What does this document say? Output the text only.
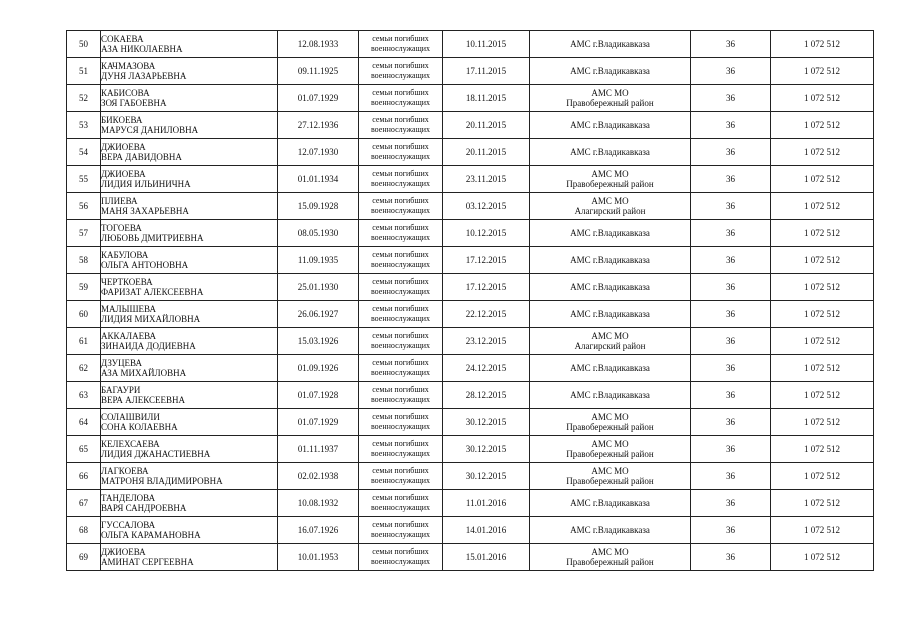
50	СОКАЕВА
АЗА НИКОЛАЕВНА	12.08.1933	семьи погибших
военнослужащих	10.11.2015	АМС г.Владикавказа	36	1 072 512
51	КАЧМАЗОВА
ДУНЯ ЛАЗАРЬЕВНА	09.11.1925	семьи погибших
военнослужащих	17.11.2015	АМС г.Владикавказа	36	1 072 512
52	КАБИСОВА
ЗОЯ ГАБОЕВНА	01.07.1929	семьи погибших
военнослужащих	18.11.2015	АМС МО
Правобережный район	36	1 072 512
53	БИКОЕВА
МАРУСЯ ДАНИЛОВНА	27.12.1936	семьи погибших
военнослужащих	20.11.2015	АМС г.Владикавказа	36	1 072 512
54	ДЖИОЕВА
ВЕРА ДАВИДОВНА	12.07.1930	семьи погибших
военнослужащих	20.11.2015	АМС г.Владикавказа	36	1 072 512
55	ДЖИОЕВА
ЛИДИЯ ИЛЬИНИЧНА	01.01.1934	семьи погибших
военнослужащих	23.11.2015	АМС МО
Правобережный район	36	1 072 512
56	ПЛИЕВА
МАНЯ ЗАХАРЬЕВНА	15.09.1928	семьи погибших
военнослужащих	03.12.2015	АМС МО
Алагирский район	36	1 072 512
57	ТОГОЕВА
ЛЮБОВЬ ДМИТРИЕВНА	08.05.1930	семьи погибших
военнослужащих	10.12.2015	АМС г.Владикавказа	36	1 072 512
58	КАБУЛОВА
ОЛЬГА АНТОНОВНА	11.09.1935	семьи погибших
военнослужащих	17.12.2015	АМС г.Владикавказа	36	1 072 512
59	ЧЕРТКОЕВА
ФАРИЗАТ АЛЕКСЕЕВНА	25.01.1930	семьи погибших
военнослужащих	17.12.2015	АМС г.Владикавказа	36	1 072 512
60	МАЛЫШЕВА
ЛИДИЯ МИХАЙЛОВНА	26.06.1927	семьи погибших
военнослужащих	22.12.2015	АМС г.Владикавказа	36	1 072 512
61	АККАЛАЕВА
ЗИНАИДА ДОДИЕВНА	15.03.1926	семьи погибших
военнослужащих	23.12.2015	АМС МО
Алагирский район	36	1 072 512
62	ДЗУЦЕВА
АЗА МИХАЙЛОВНА	01.09.1926	семьи погибших
военнослужащих	24.12.2015	АМС г.Владикавказа	36	1 072 512
63	БАГАУРИ
ВЕРА АЛЕКСЕЕВНА	01.07.1928	семьи погибших
военнослужащих	28.12.2015	АМС г.Владикавказа	36	1 072 512
64	СОЛАШВИЛИ
СОНА КОЛАЕВНА	01.07.1929	семьи погибших
военнослужащих	30.12.2015	АМС МО
Правобережный район	36	1 072 512
65	КЕЛЕХСАЕВА
ЛИДИЯ ДЖАНАСТИЕВНА	01.11.1937	семьи погибших
военнослужащих	30.12.2015	АМС МО
Правобережный район	36	1 072 512
66	ЛАГКОЕВА
МАТРОНЯ ВЛАДИМИРОВНА	02.02.1938	семьи погибших
военнослужащих	30.12.2015	АМС МО
Правобережный район	36	1 072 512
67	ТАНДЕЛОВА
ВАРЯ САНДРОЕВНА	10.08.1932	семьи погибших
военнослужащих	11.01.2016	АМС г.Владикавказа	36	1 072 512
68	ГУССАЛОВА
ОЛЬГА КАРАМАНОВНА	16.07.1926	семьи погибших
военнослужащих	14.01.2016	АМС г.Владикавказа	36	1 072 512
69	ДЖИОЕВА
АМИНАТ СЕРГЕЕВНА	10.01.1953	семьи погибших
военнослужащих	15.01.2016	АМС МО
Правобережный район	36	1 072 512
